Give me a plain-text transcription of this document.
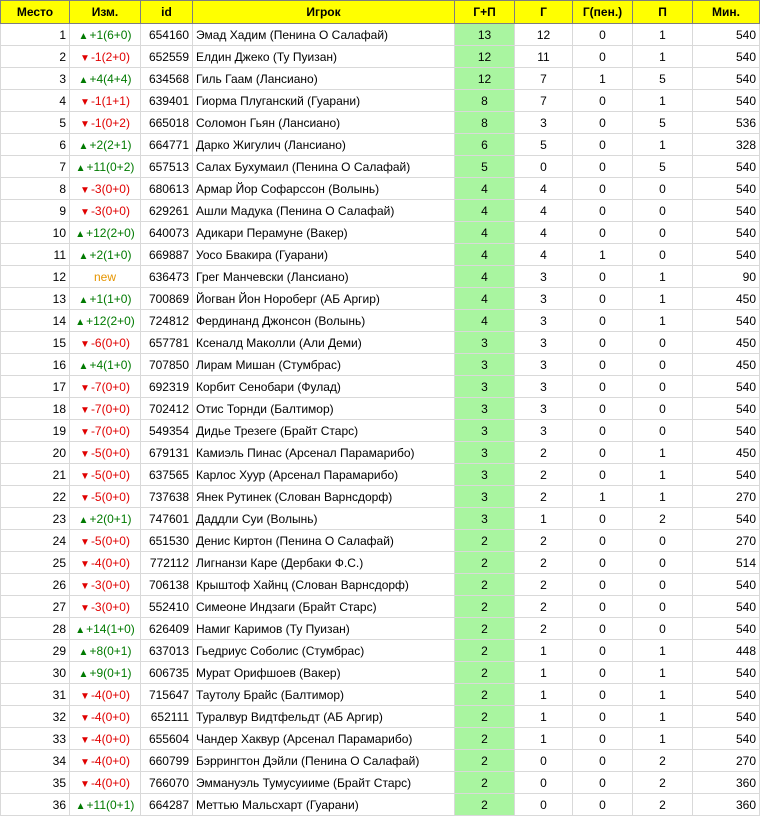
Место	Изм.	id	Игрок	Г+П	Г	Г(пен.)	П	Мин.
1	▲+1(6+0)	654160	Эмад Хадим (Пенина О Салафай)	13	12	0	1	540
2	▼-1(2+0)	652559	Елдин Джеко (Ту Пуизан)	12	11	0	1	540
3	▲+4(4+4)	634568	Гиль Гаам (Лансиано)	12	7	1	5	540
4	▼-1(1+1)	639401	Гиорма Плуганский (Гуарани)	8	7	0	1	540
5	▼-1(0+2)	665018	Соломон Гьян (Лансиано)	8	3	0	5	536
6	▲+2(2+1)	664771	Дарко Жигулич (Лансиано)	6	5	0	1	328
7	▲+11(0+2)	657513	Салах Бухумаил (Пенина О Салафай)	5	0	0	5	540
8	▼-3(0+0)	680613	Армар Йор Софарссон (Волынь)	4	4	0	0	540
9	▼-3(0+0)	629261	Ашли Мадука (Пенина О Салафай)	4	4	0	0	540
10	▲+12(2+0)	640073	Адикари Перамуне (Вакер)	4	4	0	0	540
11	▲+2(1+0)	669887	Уосо Бвакира (Гуарани)	4	4	1	0	540
12	new	636473	Грег Манчевски (Лансиано)	4	3	0	1	90
13	▲+1(1+0)	700869	Йогван Йон Нороберг (АБ Аргир)	4	3	0	1	450
14	▲+12(2+0)	724812	Фердинанд Джонсон (Волынь)	4	3	0	1	540
15	▼-6(0+0)	657781	Ксеналд Маколли (Али Деми)	3	3	0	0	450
16	▲+4(1+0)	707850	Лирам Мишан (Стумбрас)	3	3	0	0	450
17	▼-7(0+0)	692319	Корбит Сенобари (Фулад)	3	3	0	0	540
18	▼-7(0+0)	702412	Отис Торнди (Балтимор)	3	3	0	0	540
19	▼-7(0+0)	549354	Дидье Трезеге (Брайт Старс)	3	3	0	0	540
20	▼-5(0+0)	679131	Камиэль Пинас (Арсенал Парамарибо)	3	2	0	1	450
21	▼-5(0+0)	637565	Карлос Хуур (Арсенал Парамарибо)	3	2	0	1	540
22	▼-5(0+0)	737638	Янек Рутинек (Слован Варнсдорф)	3	2	1	1	270
23	▲+2(0+1)	747601	Даддли Суи (Волынь)	3	1	0	2	540
24	▼-5(0+0)	651530	Денис Киртон (Пенина О Салафай)	2	2	0	0	270
25	▼-4(0+0)	772112	Лигнанзи Каре (Дербаки Ф.С.)	2	2	0	0	514
26	▼-3(0+0)	706138	Крыштоф Хайнц (Слован Варнсдорф)	2	2	0	0	540
27	▼-3(0+0)	552410	Симеоне Индзаги (Брайт Старс)	2	2	0	0	540
28	▲+14(1+0)	626409	Намиг Каримов (Ту Пуизан)	2	2	0	0	540
29	▲+8(0+1)	637013	Гьедриус Соболис (Стумбрас)	2	1	0	1	448
30	▲+9(0+1)	606735	Мурат Орифшоев (Вакер)	2	1	0	1	540
31	▼-4(0+0)	715647	Таутолу Брайс (Балтимор)	2	1	0	1	540
32	▼-4(0+0)	652111	Туралвур Видтфельдт (АБ Аргир)	2	1	0	1	540
33	▼-4(0+0)	655604	Чандер Хаквур (Арсенал Парамарибо)	2	1	0	1	540
34	▼-4(0+0)	660799	Бэррингтон Дэйли (Пенина О Салафай)	2	0	0	2	270
35	▼-4(0+0)	766070	Эммануэль Тумусуииме (Брайт Старс)	2	0	0	2	360
36	▲+11(0+1)	664287	Меттью Мальсхарт (Гуарани)	2	0	0	2	360
